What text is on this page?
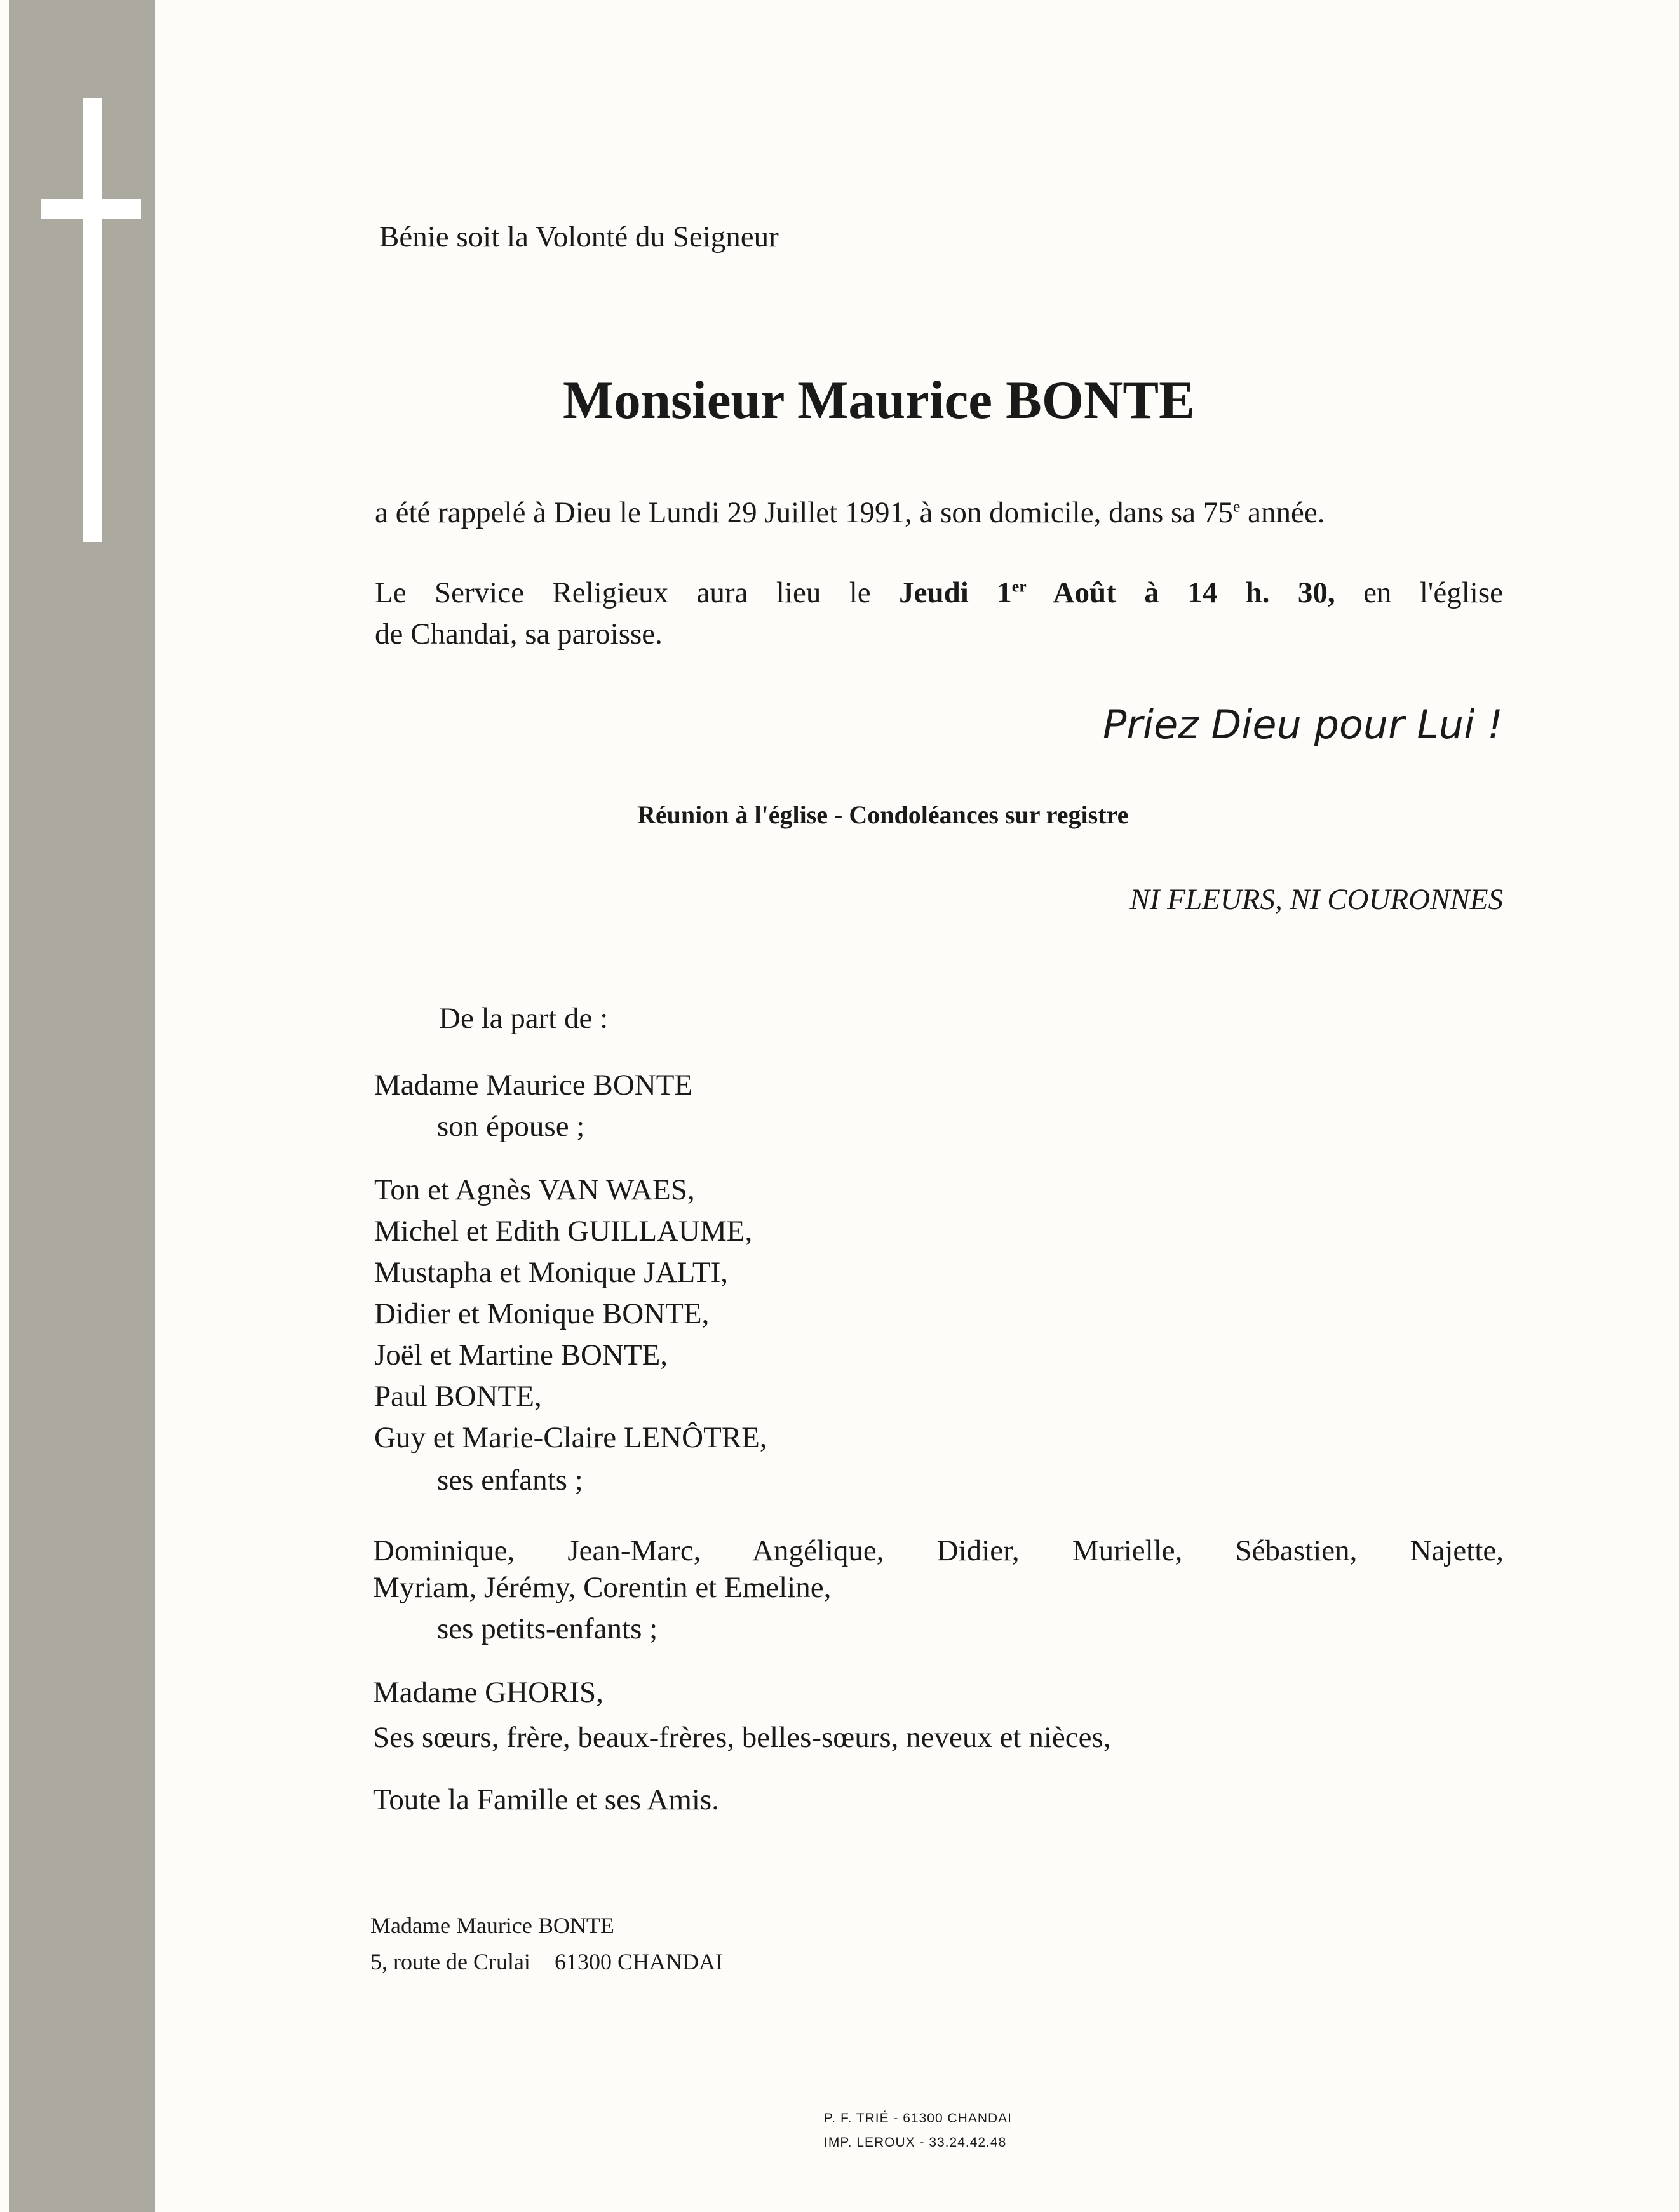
Bénie soit la Volonté du Seigneur
Monsieur Maurice BONTE
a été rappelé à Dieu le Lundi 29 Juillet 1991, à son domicile, dans sa 75e année.
Le Service Religieux aura lieu le Jeudi 1er Août à 14 h. 30, en l'église
de Chandai, sa paroisse.
Priez Dieu pour Lui !
Réunion à l'église - Condoléances sur registre
NI FLEURS, NI COURONNES
De la part de :
Madame Maurice BONTE
son épouse ;
Ton et Agnès VAN WAES,
Michel et Edith GUILLAUME,
Mustapha et Monique JALTI,
Didier et Monique BONTE,
Joël et Martine BONTE,
Paul BONTE,
Guy et Marie-Claire LENÔTRE,
ses enfants ;
Dominique, Jean-Marc, Angélique, Didier, Murielle, Sébastien, Najette,
Myriam, Jérémy, Corentin et Emeline,
ses petits-enfants ;
Madame GHORIS,
Ses sœurs, frère, beaux-frères, belles-sœurs, neveux et nièces,
Toute la Famille et ses Amis.
Madame Maurice BONTE
5, route de Crulai 61300 CHANDAI
P. F. TRIÉ - 61300 CHANDAI
IMP. LEROUX - 33.24.42.48
